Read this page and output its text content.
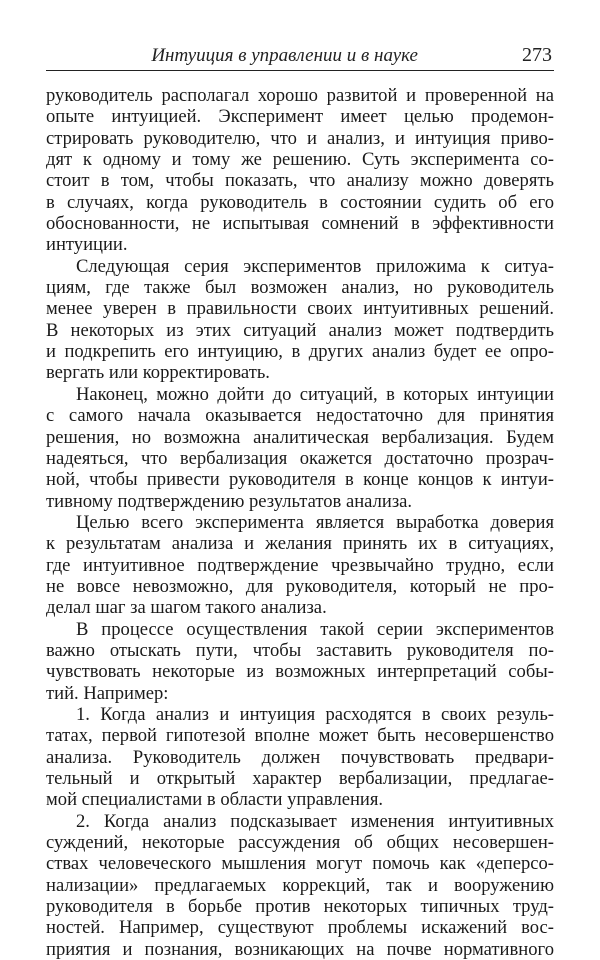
Интуиция в управлении и в науке	273
руководитель располагал хорошо развитой и проверенной на
опыте интуицией. Эксперимент имеет целью продемон-
стрировать руководителю, что и анализ, и интуиция приво-
дят к одному и тому же решению. Суть эксперимента со-
стоит в том, чтобы показать, что анализу можно доверять
в случаях, когда руководитель в состоянии судить об его
обоснованности, не испытывая сомнений в эффективности
интуиции.
Следующая серия экспериментов приложима к ситуа-
циям, где также был возможен анализ, но руководитель
менее уверен в правильности своих интуитивных решений.
В некоторых из этих ситуаций анализ может подтвердить
и подкрепить его интуицию, в других анализ будет ее опро-
вергать или корректировать.
Наконец, можно дойти до ситуаций, в которых интуиции
с самого начала оказывается недостаточно для принятия
решения, но возможна аналитическая вербализация. Будем
надеяться, что вербализация окажется достаточно прозрач-
ной, чтобы привести руководителя в конце концов к интуи-
тивному подтверждению результатов анализа.
Целью всего эксперимента является выработка доверия
к результатам анализа и желания принять их в ситуациях,
где интуитивное подтверждение чрезвычайно трудно, если
не вовсе невозможно, для руководителя, который не про-
делал шаг за шагом такого анализа.
В процессе осуществления такой серии экспериментов
важно отыскать пути, чтобы заставить руководителя по-
чувствовать некоторые из возможных интерпретаций собы-
тий. Например:
1. Когда анализ и интуиция расходятся в своих резуль-
татах, первой гипотезой вполне может быть несовершенство
анализа. Руководитель должен почувствовать предвари-
тельный и открытый характер вербализации, предлагае-
мой специалистами в области управления.
2. Когда анализ подсказывает изменения интуитивных
суждений, некоторые рассуждения об общих несовершен-
ствах человеческого мышления могут помочь как «деперсо-
нализации» предлагаемых коррекций, так и вооружению
руководителя в борьбе против некоторых типичных труд-
ностей. Например, существуют проблемы искажений вос-
приятия и познания, возникающих на почве нормативного
